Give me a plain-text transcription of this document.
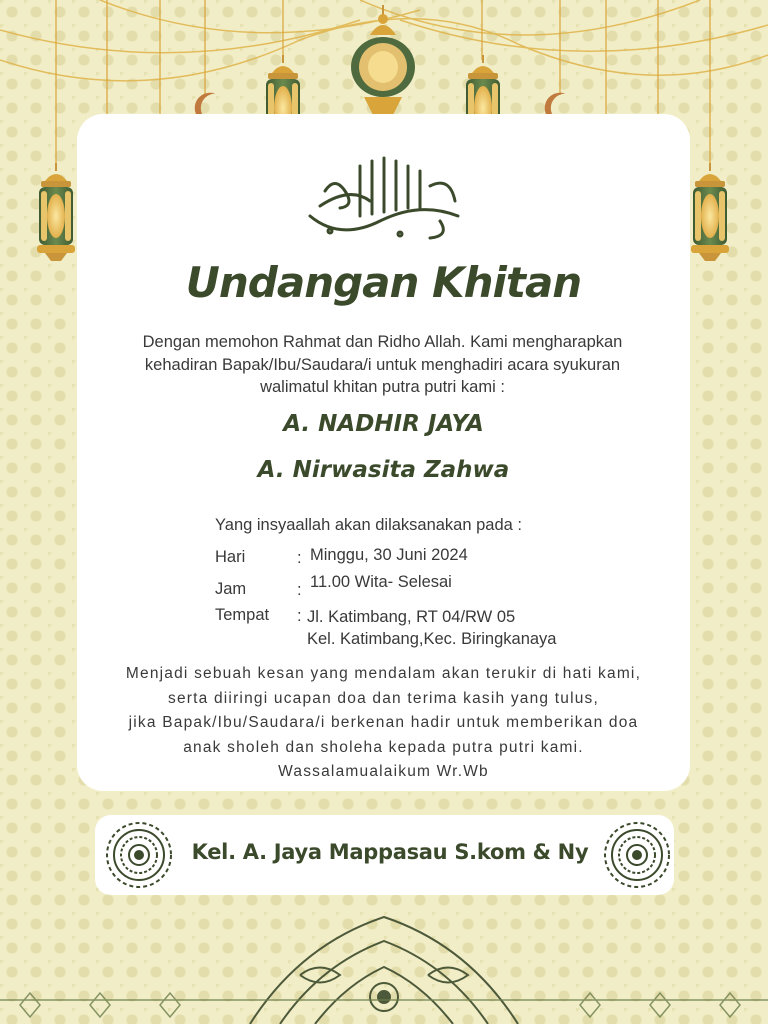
Undangan Khitan

Dengan memohon Rahmat dan Ridho Allah. Kami mengharapkan kehadiran Bapak/Ibu/Saudara/i untuk menghadiri acara syukuran walimatul khitan putra putri kami :

A. NADHIR JAYA

A. Nirwasita Zahwa

Yang insyaallah akan dilaksanakan pada :
Hari	: Minggu, 30 Juni 2024
Jam	: 11.00 Wita- Selesai
Tempat : Jl. Katimbang, RT 04/RW 05
Kel. Katimbang,Kec. Biringkanaya
Menjadi sebuah kesan yang mendalam akan terukir di hati kami,
serta diiringi ucapan doa dan terima kasih yang tulus,
jika Bapak/Ibu/Saudara/i berkenan hadir untuk memberikan doa
anak sholeh dan sholeha kepada putra putri kami.
Wassalamualaikum Wr.Wb
Kel. A. Jaya Mappasau S.kom & Ny
